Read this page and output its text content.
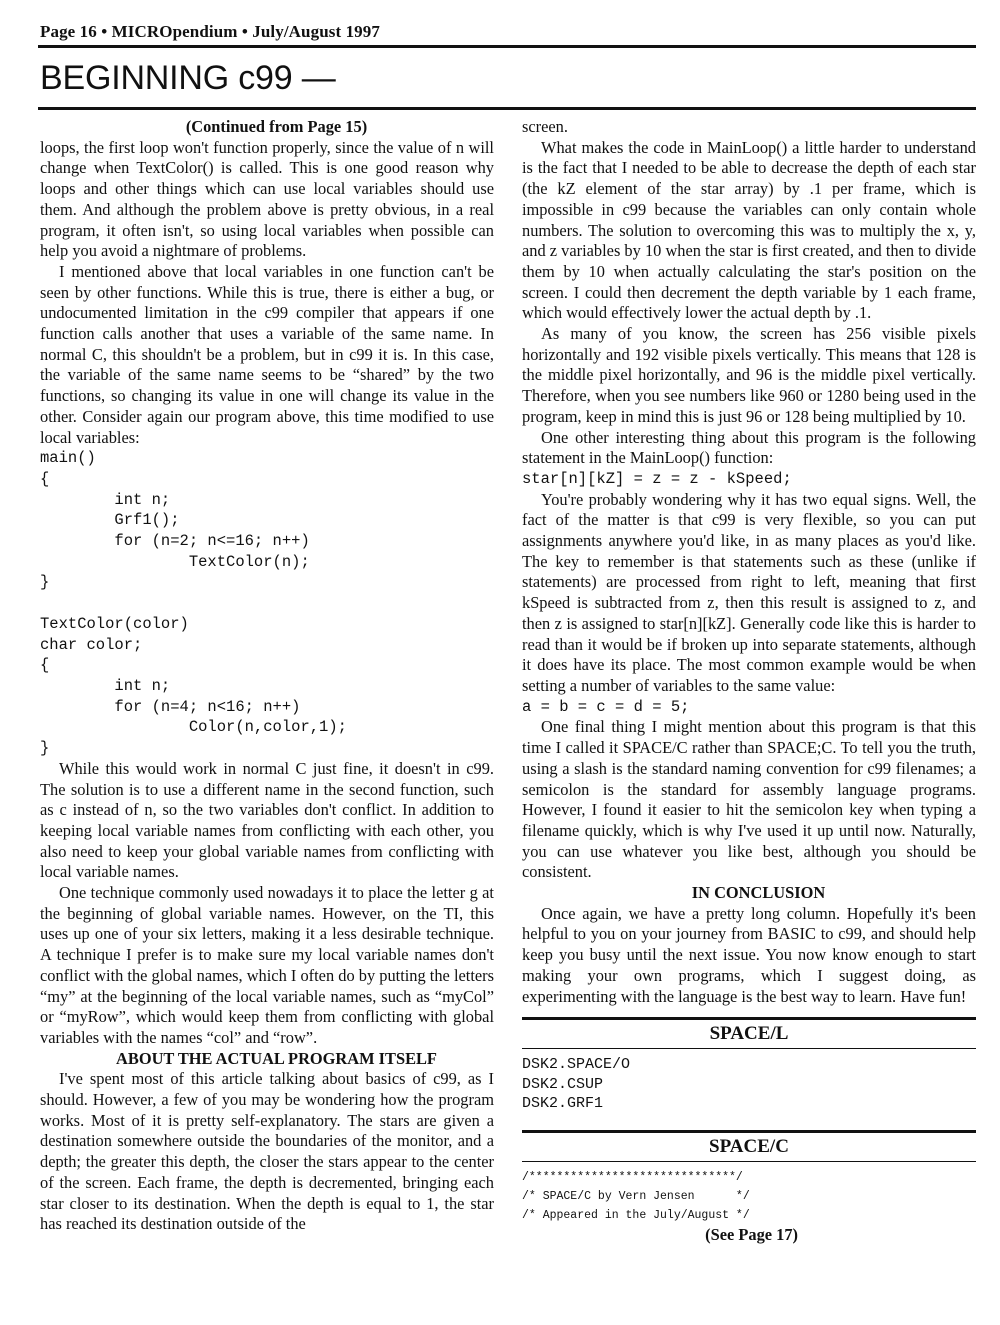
Page 16 • MICROpendium • July/August 1997
BEGINNING c99 —

(Continued from Page 15)

loops, the first loop won't function properly, since the value of n will change when TextColor() is called. This is one good reason why loops and other things which can use local variables should use them. And although the problem above is pretty obvious, in a real program, it often isn't, so using local variables when possible can help you avoid a nightmare of problems.

I mentioned above that local variables in one function can't be seen by other functions. While this is true, there is either a bug, or undocumented limitation in the c99 compiler that appears if one function calls another that uses a variable of the same name. In normal C, this shouldn't be a problem, but in c99 it is. In this case, the variable of the same name seems to be “shared” by the two functions, so changing its value in one will change its value in the other. Consider again our program above, this time modified to use local variables:

main()
{
int n;
Grf1();
for (n=2; n<=16; n++)
TextColor(n);
}

TextColor(color)
char color;
{
int n;
for (n=4; n<16; n++)
Color(n,color,1);
}

While this would work in normal C just fine, it doesn't in c99. The solution is to use a different name in the second function, such as c instead of n, so the two variables don't conflict. In addition to keeping local variable names from conflicting with each other, you also need to keep your global variable names from conflicting with local variable names.

One technique commonly used nowadays it to place the letter g at the beginning of global variable names. However, on the TI, this uses up one of your six letters, making it a less desirable technique. A technique I prefer is to make sure my local variable names don't conflict with the global names, which I often do by putting the letters “my” at the beginning of the local variable names, such as “myCol” or “myRow”, which would keep them from conflicting with global variables with the names “col” and “row”.

ABOUT THE ACTUAL PROGRAM ITSELF

I've spent most of this article talking about basics of c99, as I should. However, a few of you may be wondering how the program works. Most of it is pretty self-explanatory. The stars are given a destination somewhere outside the boundaries of the monitor, and a depth; the greater this depth, the closer the stars appear to the center of the screen. Each frame, the depth is decremented, bringing each star closer to its destination. When the depth is equal to 1, the star has reached its destination outside of the

screen.

What makes the code in MainLoop() a little harder to understand is the fact that I needed to be able to decrease the depth of each star (the kZ element of the star array) by .1 per frame, which is impossible in c99 because the variables can only contain whole numbers. The solution to overcoming this was to multiply the x, y, and z variables by 10 when the star is first created, and then to divide them by 10 when actually calculating the star's position on the screen. I could then decrement the depth variable by 1 each frame, which would effectively lower the actual depth by .1.

As many of you know, the screen has 256 visible pixels horizontally and 192 visible pixels vertically. This means that 128 is the middle pixel horizontally, and 96 is the middle pixel vertically. Therefore, when you see numbers like 960 or 1280 being used in the program, keep in mind this is just 96 or 128 being multiplied by 10.

One other interesting thing about this program is the following statement in the MainLoop() function:

star[n][kZ] = z = z - kSpeed;

You're probably wondering why it has two equal signs. Well, the fact of the matter is that c99 is very flexible, so you can put assignments anywhere you'd like, in as many places as you'd like. The key to remember is that statements such as these (unlike if statements) are processed from right to left, meaning that first kSpeed is subtracted from z, then this result is assigned to z, and then z is assigned to star[n][kZ]. Generally code like this is harder to read than it would be if broken up into separate statements, although it does have its place. The most common example would be when setting a number of variables to the same value:

a = b = c = d = 5;

One final thing I might mention about this program is that this time I called it SPACE/C rather than SPACE;C. To tell you the truth, using a slash is the standard naming convention for c99 filenames; a semicolon is the standard for assembly language programs. However, I found it easier to hit the semicolon key when typing a filename quickly, which is why I've used it up until now. Naturally, you can use whatever you like best, although you should be consistent.

IN CONCLUSION

Once again, we have a pretty long column. Hopefully it's been helpful to you on your journey from BASIC to c99, and should help keep you busy until the next issue. You now know enough to start making your own programs, which I suggest doing, as experimenting with the language is the best way to learn. Have fun!

SPACE/L
DSK2.SPACE/O
DSK2.CSUP
DSK2.GRF1
SPACE/C
/******************************/
/* SPACE/C by Vern Jensen      */
/* Appeared in the July/August */
(See Page 17)
